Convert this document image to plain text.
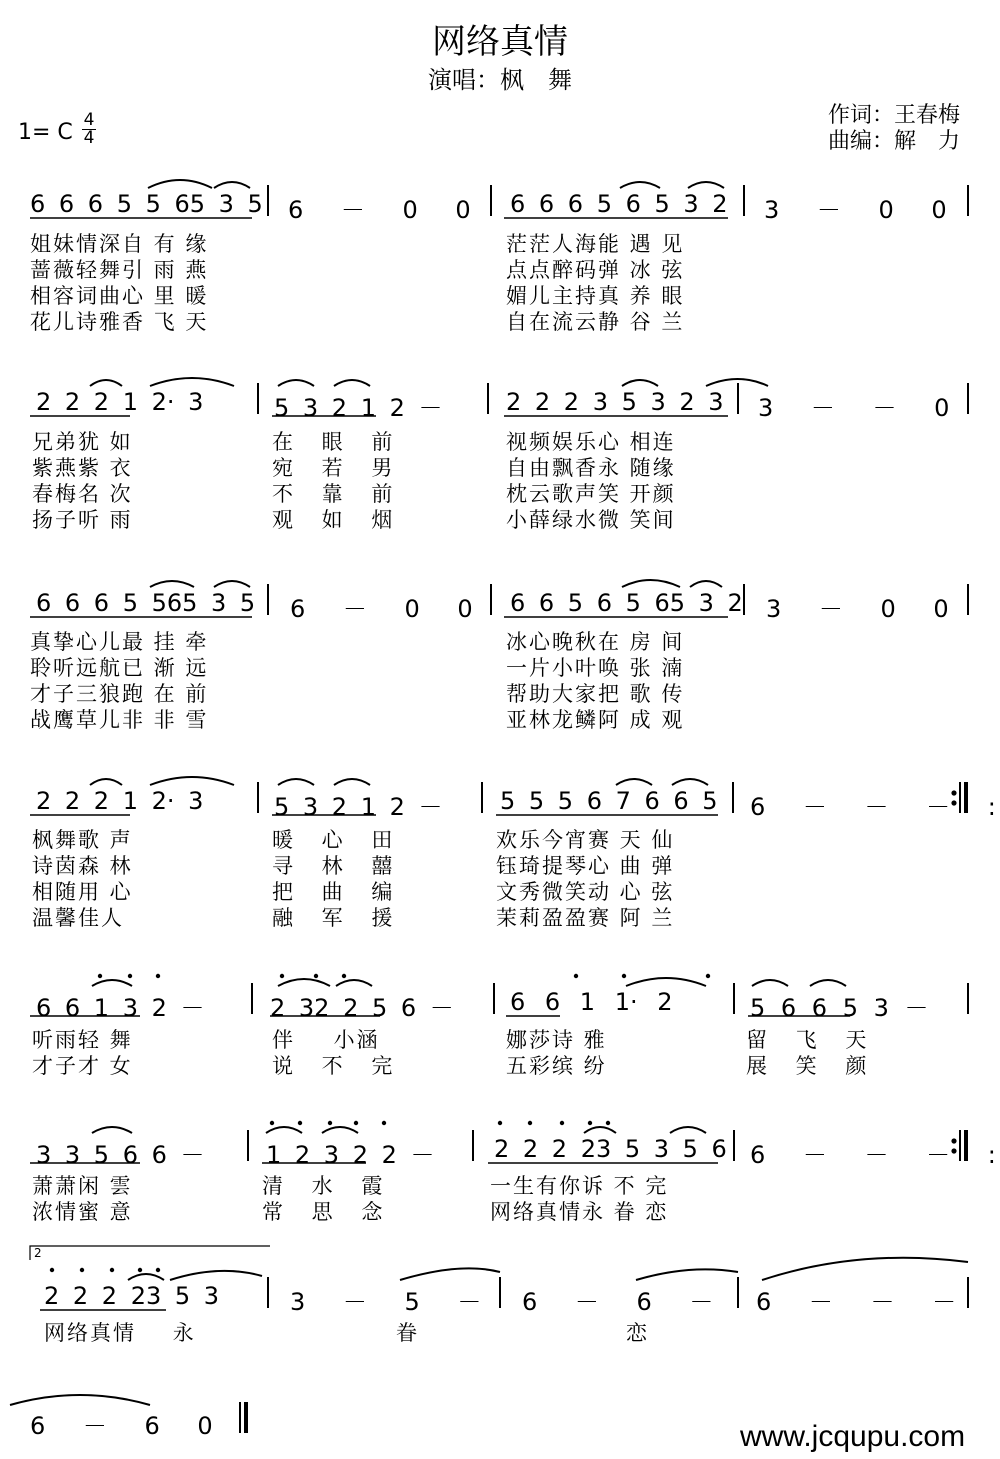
网络真情
演唱：枫　舞
作词：王春梅
曲编：解　力
1= C 4
4
6 6 6 5 5 65 3 5 6 － 0 0 6 6 6 5 6 5 3 2 3 － 0 0
姐妹情深自 有 缘
蔷薇轻舞引 雨 燕
相容词曲心 里 暖
花儿诗雅香 飞 天
茫茫人海能 遇 见
点点醉码弹 冰 弦
媚儿主持真 养 眼
自在流云静 谷 兰
2 2 2 1 2· 3	5 3 2 1 2 －	2 2 2 3 5 3 2 3 3 － － 0
兄弟犹 如
紫燕紫 衣
春梅名 次
扬子听 雨
在 眼 前
宛 若 男
不 靠 前
观 如 烟
视频娱乐心 相连
自由飘香永 随缘
枕云歌声笑 开颜
小薛绿水微 笑间
6 6 6 5 565 3 5 6 － 0 0 6 6 5 6 5 65 3 2 3 － 0 0
真挚心儿最 挂 牵
聆听远航已 渐 远
才子三狼跑 在 前
战鹰草儿非 非 雪
冰心晚秋在 房 间
一片小叶唤 张 湳
帮助大家把 歌 传
亚林龙鳞阿 成 观
2 2 2 1 2· 3	5 3 2 1 2 － 5 5 5 6 7 6 6 5 6 － － － :
枫舞歌 声
诗茵森 林
相随用 心
温馨佳人
暖 心 田
寻 林 囍
把 曲 编
融 军 援
欢乐今宵赛 天 仙
钰琦提琴心 曲 弹
文秀微笑动 心 弦
茉莉盈盈赛 阿 兰
6 6 1 3 2 －	2 32 2 5 6 － 6 6 1 1· 2	5 6 6 5 3 －
听雨轻 舞
才子才 女
伴 小涵
说 不 完
娜莎诗 雅
五彩缤 纷
留 飞 天
展 笑 颜
3 3 5 6 6 －	1 2 3 2 2 － 2 2 2 23 5 3 5 6 6 － － － :
萧萧闲 雲
浓情蜜 意
清 水 霞
常 思 念
一生有你诉 不 完
网络真情永 眷 恋
2
2 2 2 23 5 3	3 － 5 － 6 － 6 － 6 － － －
网络真情 永	眷	恋
6 － 6 0	www.jcqupu.com
